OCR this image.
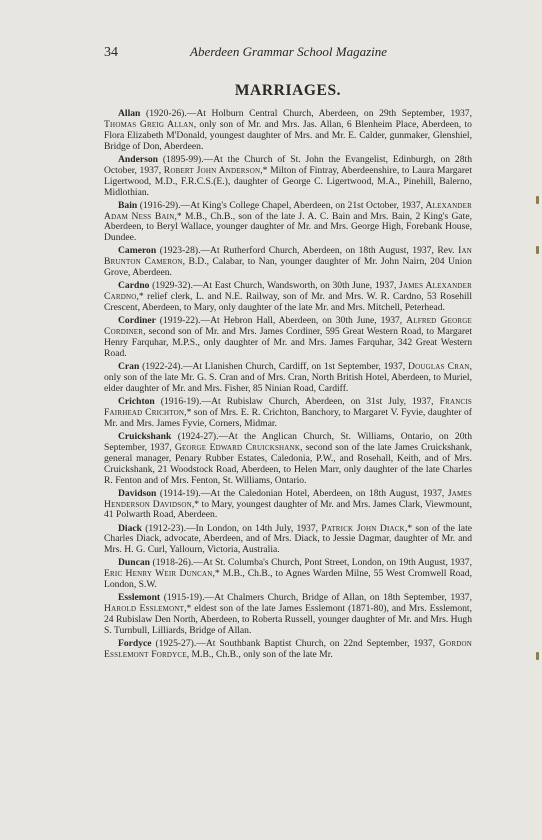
34	Aberdeen Grammar School Magazine
MARRIAGES.

Allan (1920-26).—At Holburn Central Church, Aberdeen, on 29th September, 1937, Thomas Greig Allan, only son of Mr. and Mrs. Jas. Allan, 6 Blenheim Place, Aberdeen, to Flora Elizabeth M'Donald, youngest daughter of Mrs. and Mr. E. Calder, gunmaker, Glenshiel, Bridge of Don, Aberdeen.

Anderson (1895-99).—At the Church of St. John the Evangelist, Edinburgh, on 28th October, 1937, Robert John Anderson,* Milton of Fintray, Aberdeenshire, to Laura Margaret Ligertwood, M.D., F.R.C.S.(E.), daughter of George C. Ligertwood, M.A., Pinehill, Balerno, Midlothian.

Bain (1916-29).—At King's College Chapel, Aberdeen, on 21st October, 1937, Alexander Adam Ness Bain,* M.B., Ch.B., son of the late J. A. C. Bain and Mrs. Bain, 2 King's Gate, Aberdeen, to Beryl Wallace, younger daughter of Mr. and Mrs. George High, Forebank House, Dundee.

Cameron (1923-28).—At Rutherford Church, Aberdeen, on 18th August, 1937, Rev. Ian Brunton Cameron, B.D., Calabar, to Nan, younger daughter of Mr. John Nairn, 204 Union Grove, Aberdeen.

Cardno (1929-32).—At East Church, Wandsworth, on 30th June, 1937, James Alexander Cardno,* relief clerk, L. and N.E. Railway, son of Mr. and Mrs. W. R. Cardno, 53 Rosehill Crescent, Aberdeen, to Mary, only daughter of the late Mr. and Mrs. Mitchell, Peterhead.

Cordiner (1919-22).—At Hebron Hall, Aberdeen, on 30th June, 1937, Alfred George Cordiner, second son of Mr. and Mrs. James Cordiner, 595 Great Western Road, to Margaret Henry Farquhar, M.P.S., only daughter of Mr. and Mrs. James Farquhar, 342 Great Western Road.

Cran (1922-24).—At Llanishen Church, Cardiff, on 1st September, 1937, Douglas Cran, only son of the late Mr. G. S. Cran and of Mrs. Cran, North British Hotel, Aberdeen, to Muriel, elder daughter of Mr. and Mrs. Fisher, 85 Ninian Road, Cardiff.

Crichton (1916-19).—At Rubislaw Church, Aberdeen, on 31st July, 1937, Francis Fairhead Crichton,* son of Mrs. E. R. Crichton, Banchory, to Margaret V. Fyvie, daughter of Mr. and Mrs. James Fyvie, Corners, Midmar.

Cruickshank (1924-27).—At the Anglican Church, St. Williams, Ontario, on 20th September, 1937, George Edward Cruickshank, second son of the late James Cruickshank, general manager, Penary Rubber Estates, Caledonia, P.W., and Rosehall, Keith, and of Mrs. Cruickshank, 21 Woodstock Road, Aberdeen, to Helen Marr, only daughter of the late Charles R. Fenton and of Mrs. Fenton, St. Williams, Ontario.

Davidson (1914-19).—At the Caledonian Hotel, Aberdeen, on 18th August, 1937, James Henderson Davidson,* to Mary, youngest daughter of Mr. and Mrs. James Clark, Viewmount, 41 Polwarth Road, Aberdeen.

Diack (1912-23).—In London, on 14th July, 1937, Patrick John Diack,* son of the late Charles Diack, advocate, Aberdeen, and of Mrs. Diack, to Jessie Dagmar, daughter of Mr. and Mrs. H. G. Curl, Yallourn, Victoria, Australia.

Duncan (1918-26).—At St. Columba's Church, Pont Street, London, on 19th August, 1937, Eric Henry Weir Duncan,* M.B., Ch.B., to Agnes Warden Milne, 55 West Cromwell Road, London, S.W.

Esslemont (1915-19).—At Chalmers Church, Bridge of Allan, on 18th September, 1937, Harold Esslemont,* eldest son of the late James Esslemont (1871-80), and Mrs. Esslemont, 24 Rubislaw Den North, Aberdeen, to Roberta Russell, younger daughter of Mr. and Mrs. Hugh S. Turnbull, Lilliards, Bridge of Allan.

Fordyce (1925-27).—At Southbank Baptist Church, on 22nd September, 1937, Gordon Esslemont Fordyce, M.B., Ch.B., only son of the late Mr.
